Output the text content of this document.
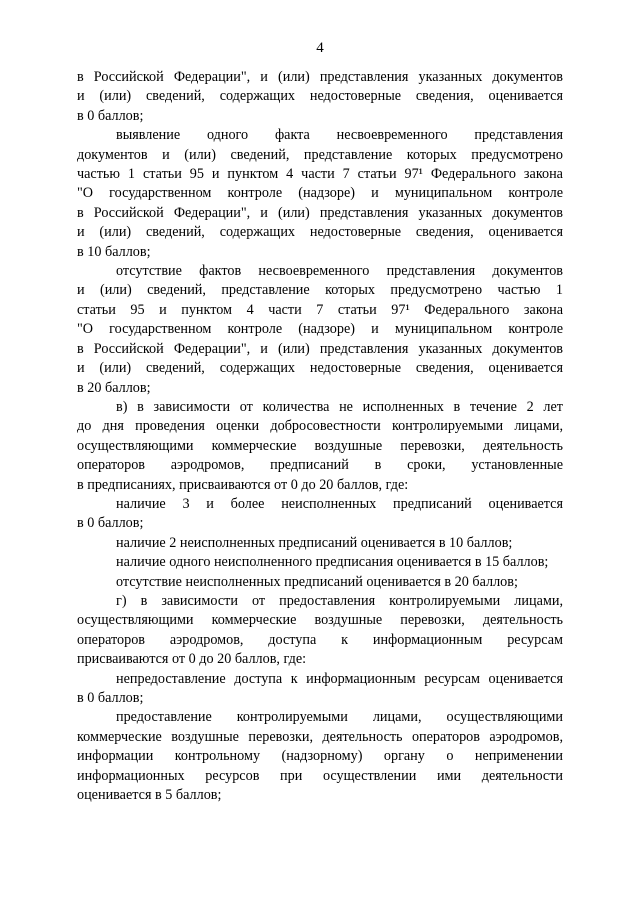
4
в Российской Федерации", и (или) представления указанных документов
и (или) сведений, содержащих недостоверные сведения, оценивается
в 0 баллов;
выявление одного факта несвоевременного представления
документов и (или) сведений, представление которых предусмотрено
частью 1 статьи 95 и пунктом 4 части 7 статьи 97¹ Федерального закона
"О государственном контроле (надзоре) и муниципальном контроле
в Российской Федерации", и (или) представления указанных документов
и (или) сведений, содержащих недостоверные сведения, оценивается
в 10 баллов;
отсутствие фактов несвоевременного представления документов
и (или) сведений, представление которых предусмотрено частью 1
статьи 95 и пунктом 4 части 7 статьи 97¹ Федерального закона
"О государственном контроле (надзоре) и муниципальном контроле
в Российской Федерации", и (или) представления указанных документов
и (или) сведений, содержащих недостоверные сведения, оценивается
в 20 баллов;
в) в зависимости от количества не исполненных в течение 2 лет
до дня проведения оценки добросовестности контролируемыми лицами,
осуществляющими коммерческие воздушные перевозки, деятельность
операторов аэродромов, предписаний в сроки, установленные
в предписаниях, присваиваются от 0 до 20 баллов, где:
наличие 3 и более неисполненных предписаний оценивается
в 0 баллов;
наличие 2 неисполненных предписаний оценивается в 10 баллов;
наличие одного неисполненного предписания оценивается в 15 баллов;
отсутствие неисполненных предписаний оценивается в 20 баллов;
г) в зависимости от предоставления контролируемыми лицами,
осуществляющими коммерческие воздушные перевозки, деятельность
операторов аэродромов, доступа к информационным ресурсам
присваиваются от 0 до 20 баллов, где:
непредоставление доступа к информационным ресурсам оценивается
в 0 баллов;
предоставление контролируемыми лицами, осуществляющими
коммерческие воздушные перевозки, деятельность операторов аэродромов,
информации контрольному (надзорному) органу о неприменении
информационных ресурсов при осуществлении ими деятельности
оценивается в 5 баллов;
